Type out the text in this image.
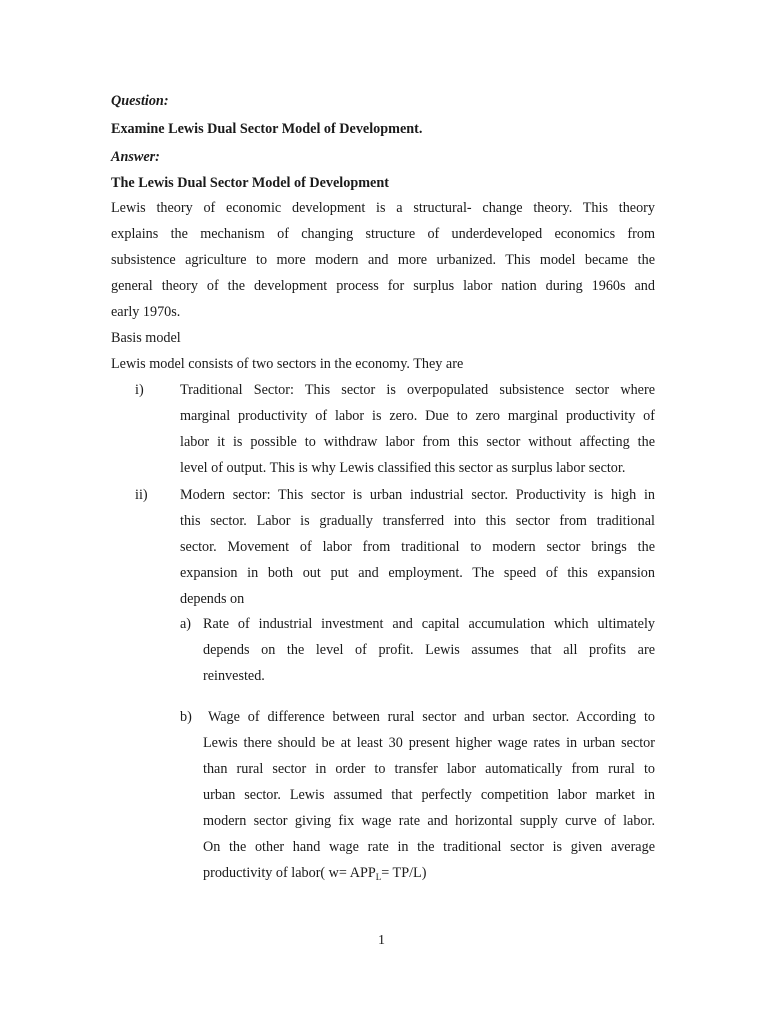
Question:
Examine Lewis Dual Sector Model of Development.
Answer:
The Lewis Dual Sector Model of Development
Lewis theory of economic development is a structural- change theory. This theory
explains the mechanism of changing structure of underdeveloped economics from
subsistence agriculture to more modern and more urbanized. This model became the
general theory of the development process for surplus labor nation during 1960s and
early 1970s.
Basis model
Lewis model consists of two sectors in the economy. They are
i)	Traditional Sector: This sector is overpopulated subsistence sector where
marginal productivity of labor is zero. Due to zero marginal productivity of
labor it is possible to withdraw labor from this sector without affecting the
level of output. This is why Lewis classified this sector as surplus labor sector.
ii) Modern sector: This sector is urban industrial sector. Productivity is high in
this sector. Labor is gradually transferred into this sector from traditional
sector. Movement of labor from traditional to modern sector brings the
expansion in both out put and employment. The speed of this expansion
depends on
a) Rate of industrial investment and capital accumulation which ultimately
depends on the level of profit. Lewis assumes that all profits are
reinvested.
b) Wage of difference between rural sector and urban sector. According to
Lewis there should be at least 30 present higher wage rates in urban sector
than rural sector in order to transfer labor automatically from rural to
urban sector. Lewis assumed that perfectly competition labor market in
modern sector giving fix wage rate and horizontal supply curve of labor.
On the other hand wage rate in the traditional sector is given average
productivity of labor( $w= APP_L= TP/L$)
1
